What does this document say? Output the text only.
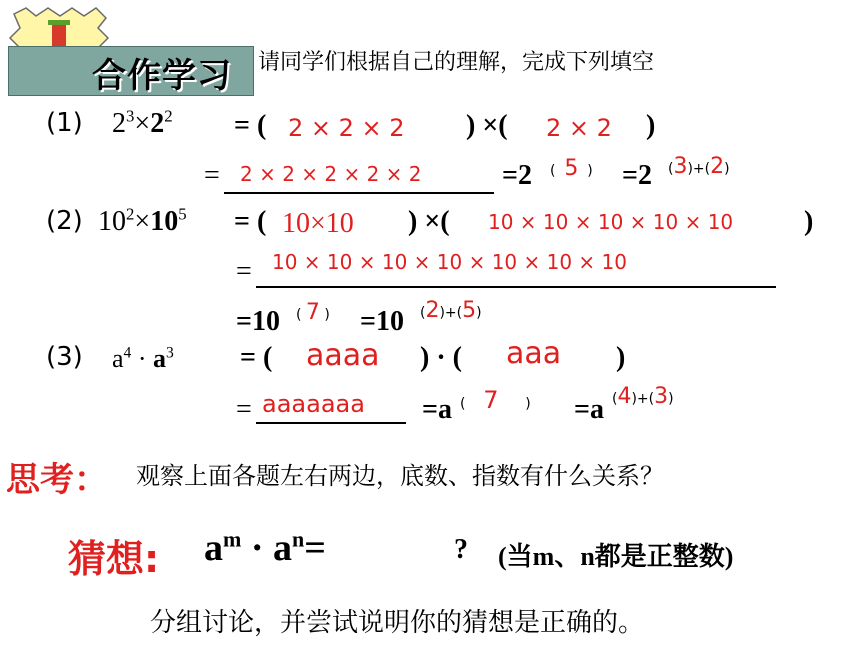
合作学习 请同学们根据自己的理解，完成下列填空
(1) $2^3\times 2^2$ = ( 2 × 2 × 2 ) ×( 2 × 2 )
= 2 × 2 × 2 × 2 × 2	=2 ( 5 ) =2 (3)+(2)
(2) $10^2\times 10^5$ = ( 10×10 ) ×( 10 × 10 × 10 × 10 × 10	)
= 10 × 10 × 10 × 10 × 10 × 10 × 10
=10 ( 7 ) =10 (2)+(5)
(3) $a^4 \cdot a^3$ = ( aaaa ) · ( aaa )
= aaaaaaa =a ( 7 ) =a (4)+(3)
思考： 观察上面各题左右两边，底数、指数有什么关系？
猜想: $a^m \cdot a^n=$	? (当m、n都是正整数)
分组讨论，并尝试说明你的猜想是正确的。
